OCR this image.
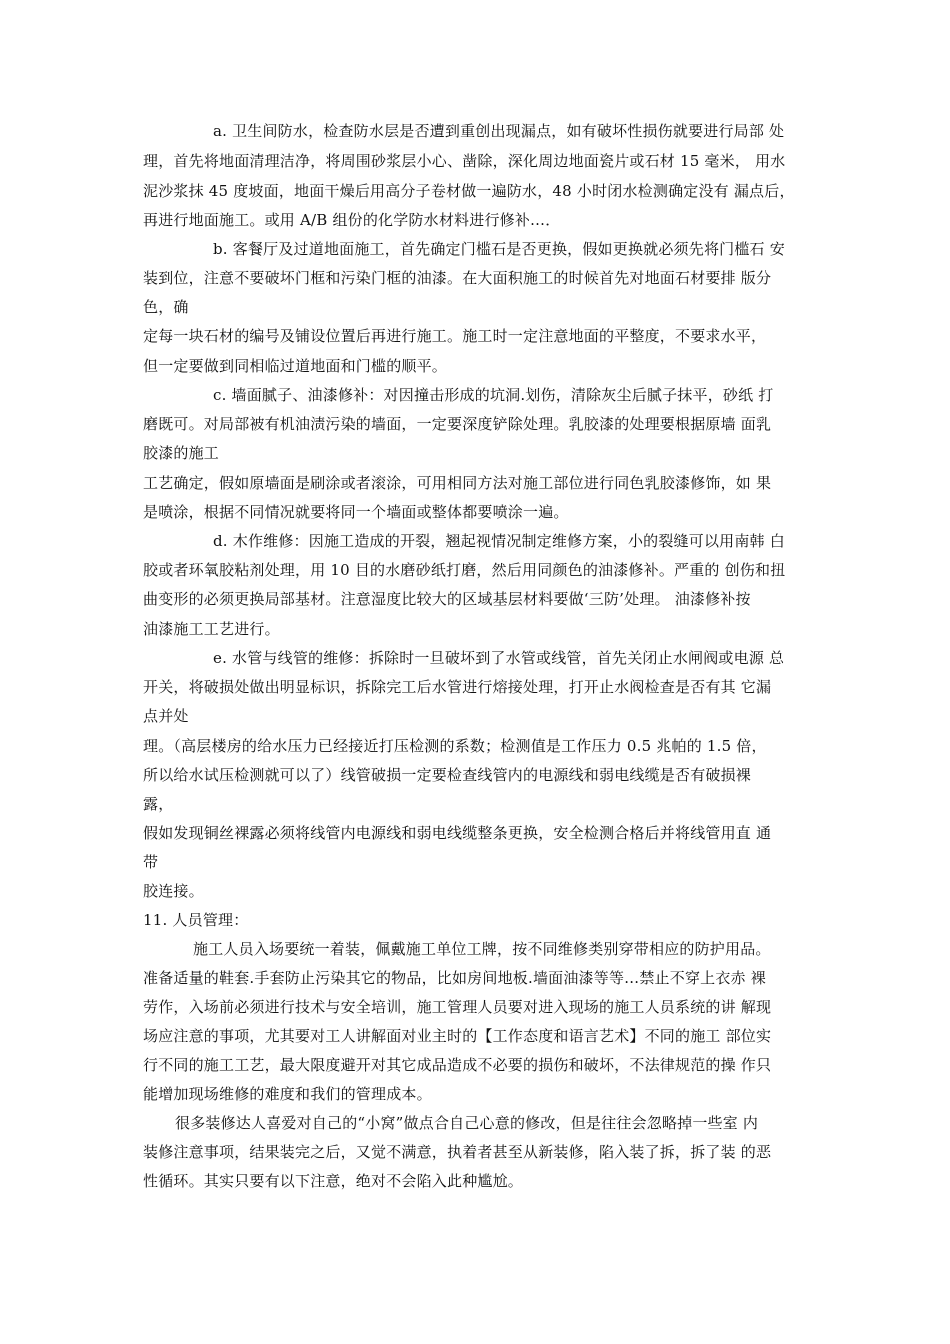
a. 卫生间防水，检查防水层是否遭到重创出现漏点，如有破坏性损伤就要进行局部 处
理，首先将地面清理洁净，将周围砂浆层小心、凿除，深化周边地面瓷片或石材 15 毫米， 用水
泥沙浆抹 45 度坡面，地面干燥后用高分子卷材做一遍防水，48 小时闭水检测确定没有 漏点后，
再进行地面施工。或用 A/B 组份的化学防水材料进行修补…．
b. 客餐厅及过道地面施工，首先确定门槛石是否更换，假如更换就必须先将门槛石 安
装到位，注意不要破坏门框和污染门框的油漆。在大面积施工的时候首先对地面石材要排 版分
色，确
定每一块石材的编号及铺设位置后再进行施工。施工时一定注意地面的平整度，不要求水平，
但一定要做到同相临过道地面和门槛的顺平。
c. 墙面腻子、油漆修补：对因撞击形成的坑洞.划伤，清除灰尘后腻子抹平，砂纸 打
磨既可。对局部被有机油渍污染的墙面，一定要深度铲除处理。乳胶漆的处理要根据原墙 面乳
胶漆的施工
工艺确定，假如原墙面是刷涂或者滚涂，可用相同方法对施工部位进行同色乳胶漆修饰，如 果
是喷涂，根据不同情况就要将同一个墙面或整体都要喷涂一遍。
d. 木作维修：因施工造成的开裂，翘起视情况制定维修方案，小的裂缝可以用南韩 白
胶或者环氧胶粘剂处理，用 10 目的水磨砂纸打磨，然后用同颜色的油漆修补。严重的 创伤和扭
曲变形的必须更换局部基材。注意湿度比较大的区域基层材料要做‘三防’处理。 油漆修补按
油漆施工工艺进行。
e. 水管与线管的维修：拆除时一旦破坏到了水管或线管，首先关闭止水闸阀或电源 总
开关，将破损处做出明显标识，拆除完工后水管进行熔接处理，打开止水阀检查是否有其 它漏
点并处
理。（高层楼房的给水压力已经接近打压检测的系数；检测值是工作压力 0.5 兆帕的 1.5 倍，
所以给水试压检测就可以了）线管破损一定要检查线管内的电源线和弱电线缆是否有破损裸
露，
假如发现铜丝裸露必须将线管内电源线和弱电线缆整条更换，安全检测合格后并将线管用直 通
带
胶连接。
11. 人员管理：
施工人员入场要统一着装，佩戴施工单位工牌，按不同维修类别穿带相应的防护用品。
准备适量的鞋套.手套防止污染其它的物品，比如房间地板.墙面油漆等等…禁止不穿上衣赤 裸
劳作，入场前必须进行技术与安全培训，施工管理人员要对进入现场的施工人员系统的讲 解现
场应注意的事项，尤其要对工人讲解面对业主时的【工作态度和语言艺术】不同的施工 部位实
行不同的施工工艺，最大限度避开对其它成品造成不必要的损伤和破坏，不法律规范的操 作只
能增加现场维修的难度和我们的管理成本。
很多装修达人喜爱对自己的“小窝”做点合自己心意的修改，但是往往会忽略掉一些室 内
装修注意事项，结果装完之后，又觉不满意，执着者甚至从新装修，陷入装了拆，拆了装 的恶
性循环。其实只要有以下注意，绝对不会陷入此种尴尬。
